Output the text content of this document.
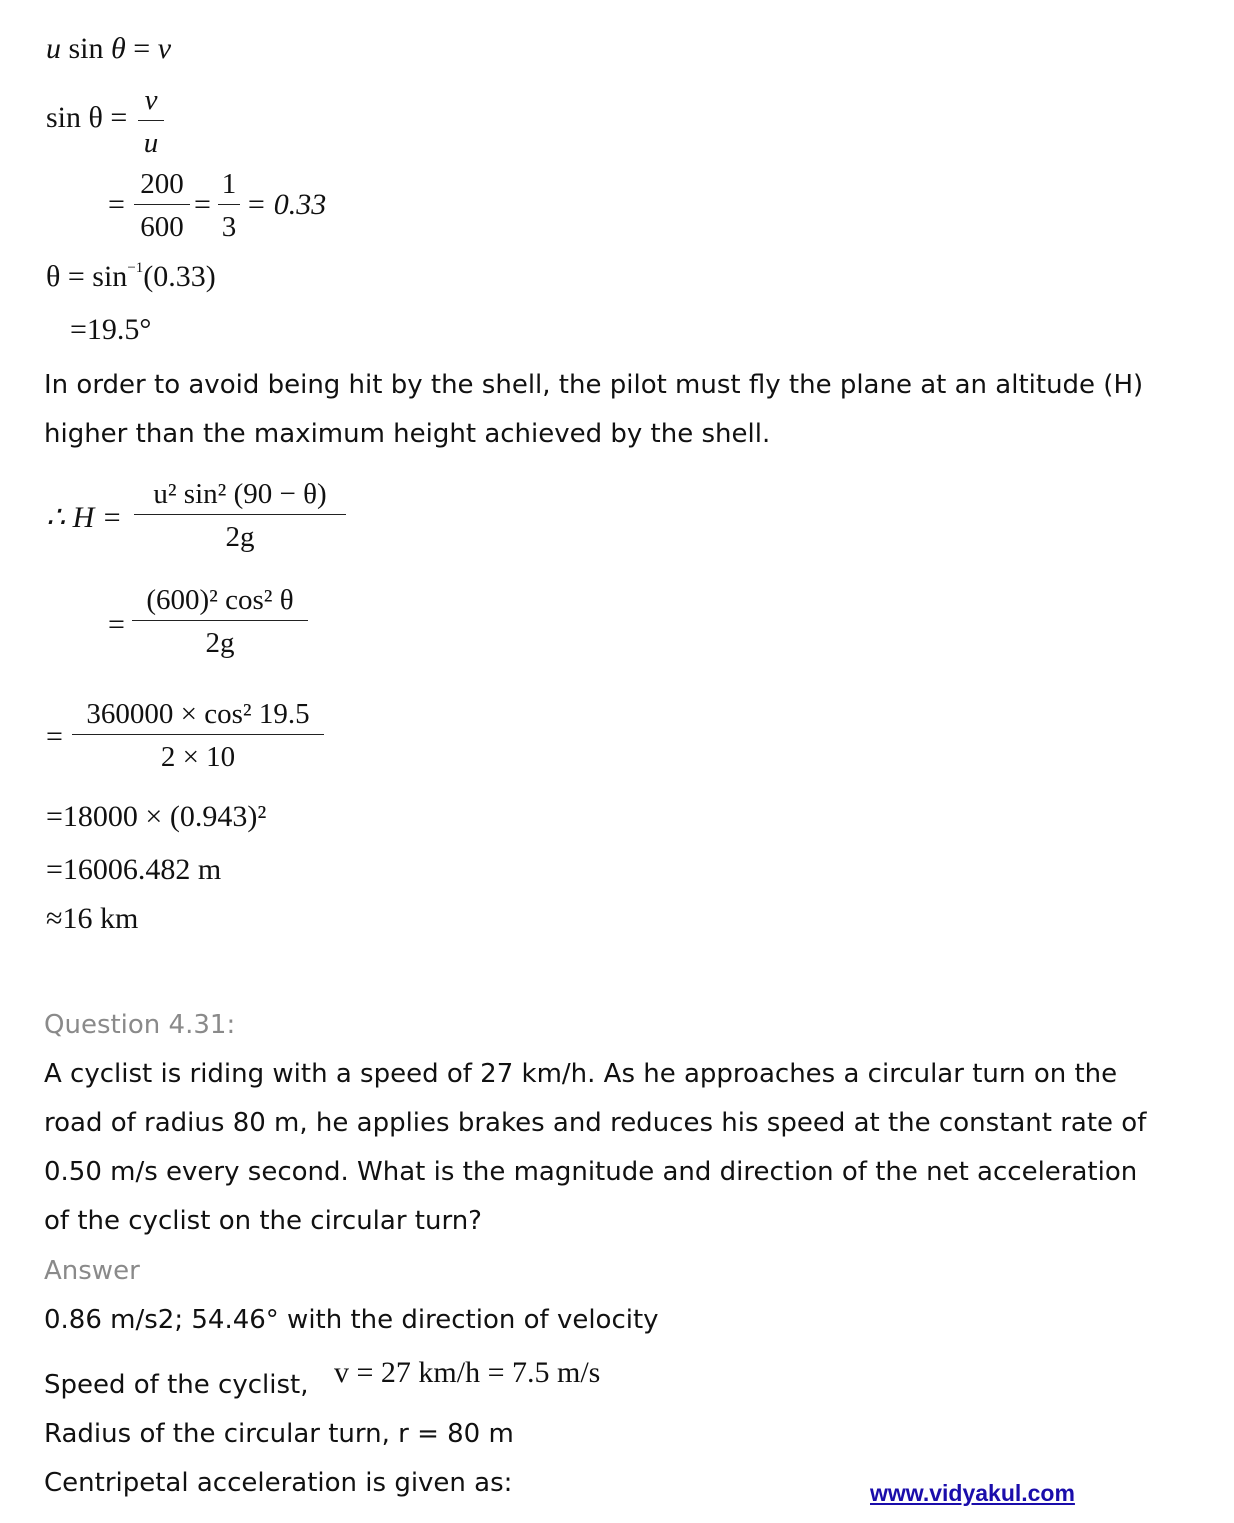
u sin θ = v
sin θ =
v
u
=
200
600
=
1
3
= 0.33
$\theta = \sin^{-1}(0.33)$
=19.5°
In order to avoid being hit by the shell, the pilot must fly the plane at an altitude (H)
higher than the maximum height achieved by the shell.
∴ H =
u² sin² (90 − θ)
2g
=
(600)² cos² θ
2g
=
360000 × cos² 19.5
2 × 10
=18000 × (0.943)²
=16006.482 m
≈16 km
Question 4.31:
A cyclist is riding with a speed of 27 km/h. As he approaches a circular turn on the
road of radius 80 m, he applies brakes and reduces his speed at the constant rate of
0.50 m/s every second. What is the magnitude and direction of the net acceleration
of the cyclist on the circular turn?
Answer
0.86 m/s2; 54.46° with the direction of velocity
Speed of the cyclist, v = 27 km/h = 7.5 m/s
Radius of the circular turn, r = 80 m
Centripetal acceleration is given as:	www.vidyakul.com
